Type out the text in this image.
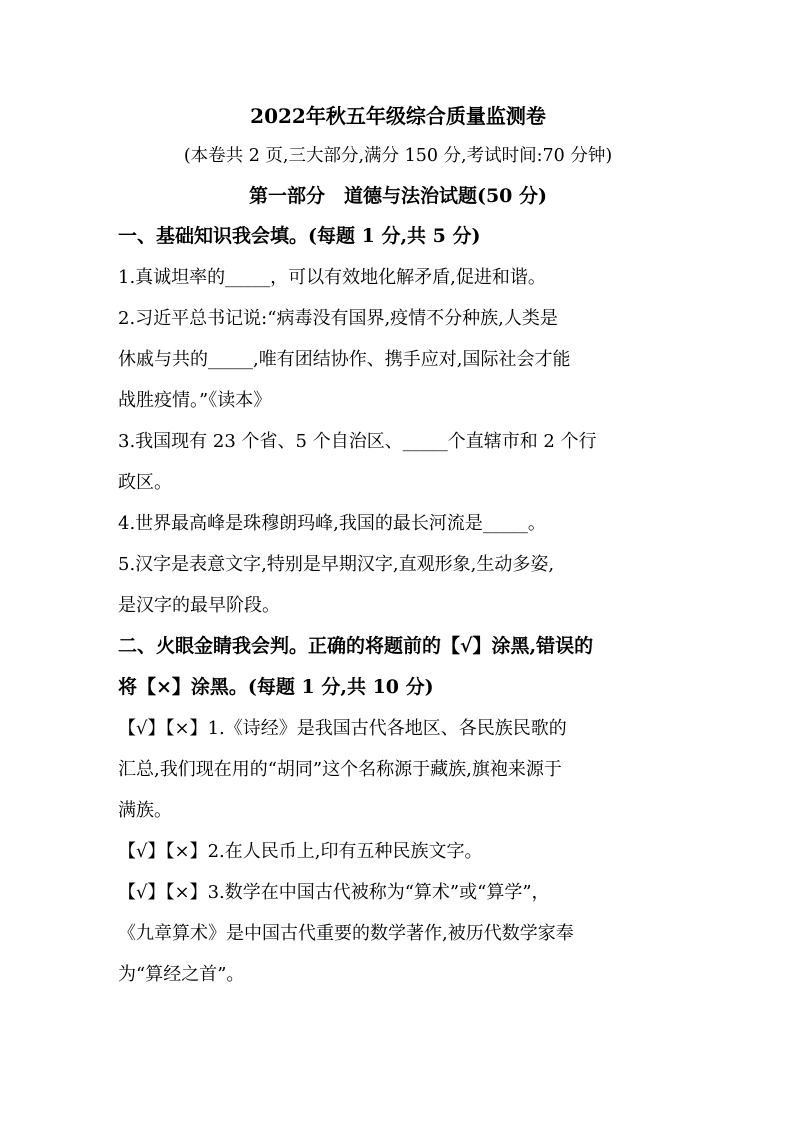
2022年秋五年级综合质量监测卷
(本卷共 2 页,三大部分,满分 150 分,考试时间:70 分钟)
第一部分　道德与法治试题(50 分)
一、基础知识我会填。(每题 1 分,共 5 分)
1.真诚坦率的_____，可以有效地化解矛盾,促进和谐。
2.习近平总书记说:“病毒没有国界,疫情不分种族,人类是
休戚与共的_____,唯有团结协作、携手应对,国际社会才能
战胜疫情。”《读本》
3.我国现有 23 个省、5 个自治区、_____个直辖市和 2 个行
政区。
4.世界最高峰是珠穆朗玛峰,我国的最长河流是_____。
5.汉字是表意文字,特别是早期汉字,直观形象,生动多姿,
是汉字的最早阶段。
二、火眼金睛我会判。正确的将题前的【√】涂黑,错误的
将【×】涂黑。(每题 1 分,共 10 分)
【√】【×】1.《诗经》是我国古代各地区、各民族民歌的
汇总,我们现在用的“胡同”这个名称源于藏族,旗袍来源于
满族。
【√】【×】2.在人民币上,印有五种民族文字。
【√】【×】3.数学在中国古代被称为“算术”或“算学”，
《九章算术》是中国古代重要的数学著作,被历代数学家奉
为“算经之首”。
